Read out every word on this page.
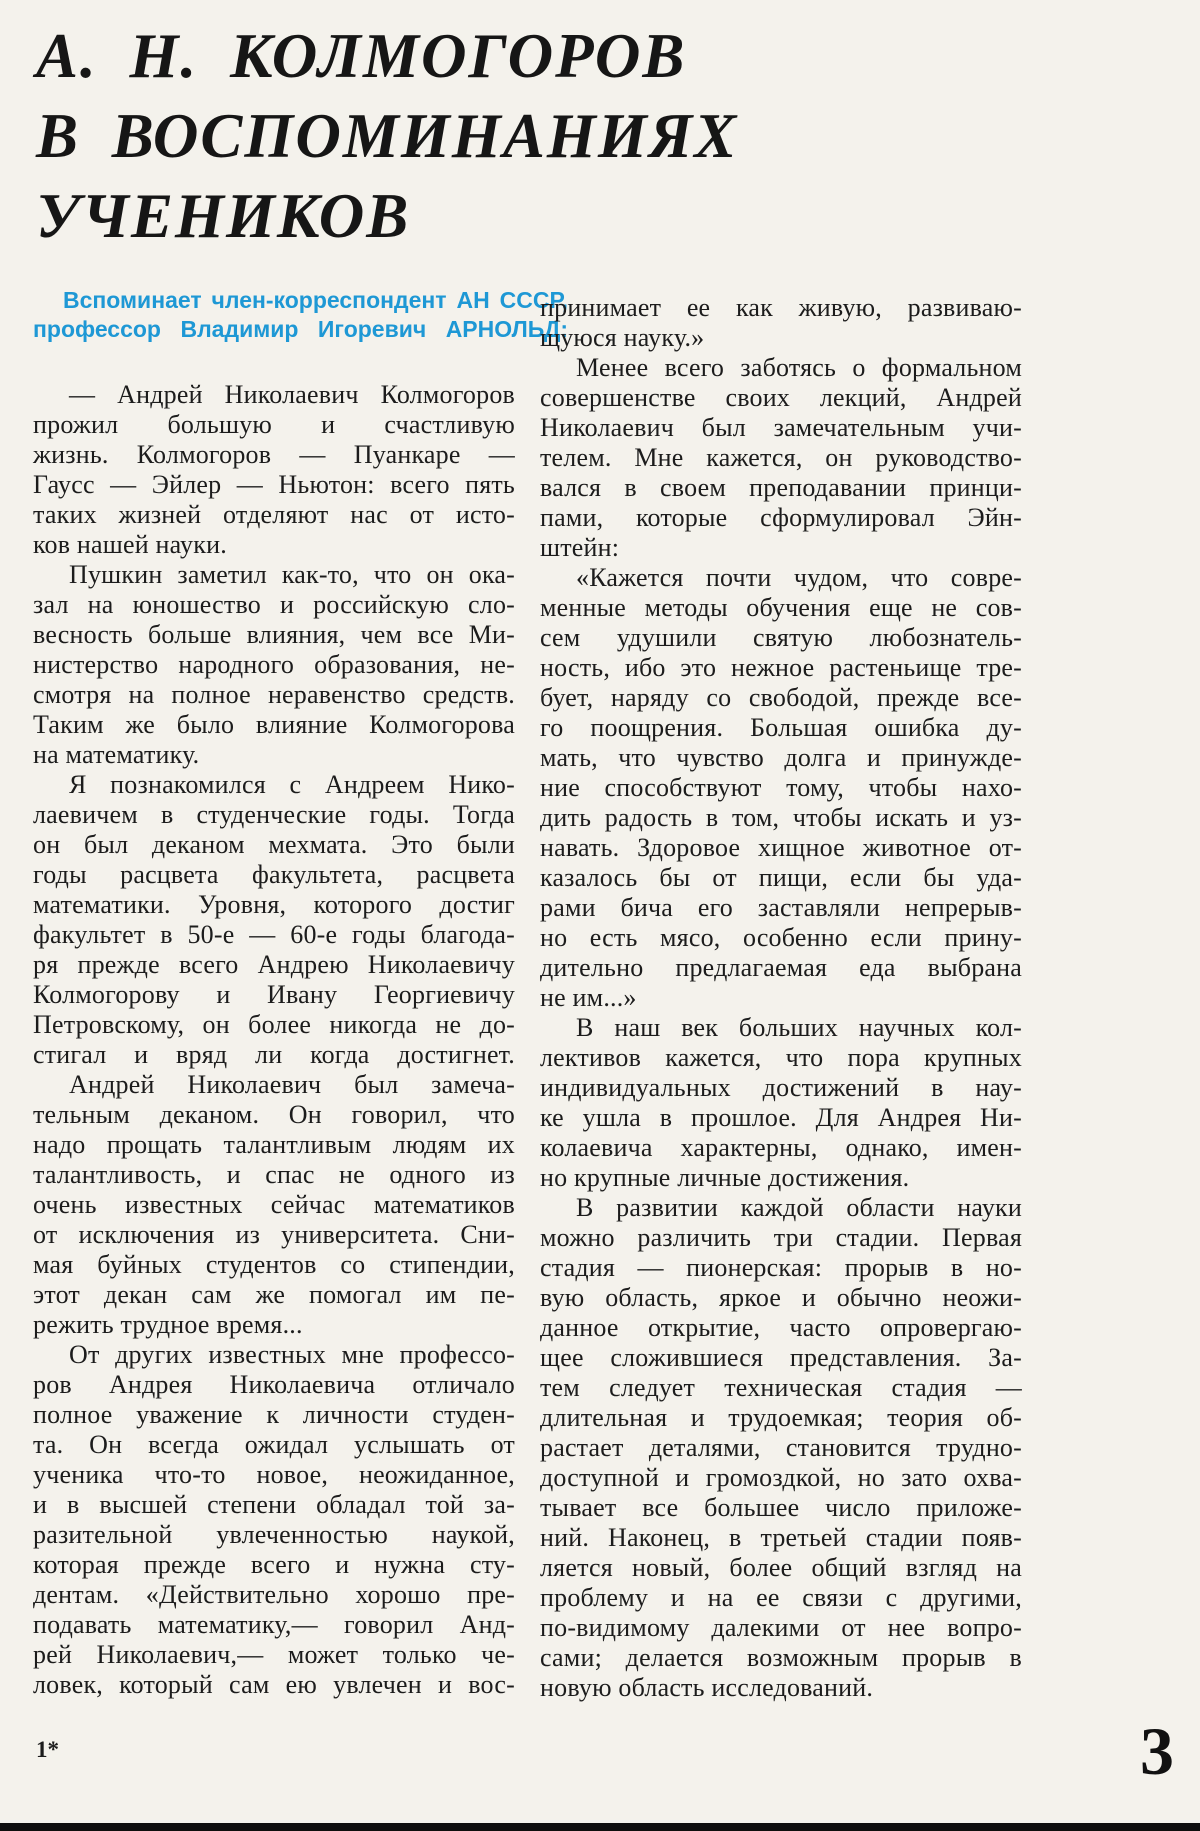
А. Н. КОЛМОГОРОВ
В ВОСПОМИНАНИЯХ
УЧЕНИКОВ
Вспоминает член-корреспондент АН СССР,
профессор Владимир Игоревич АРНОЛЬД:
— Андрей Николаевич Колмогоров
прожил большую и счастливую
жизнь. Колмогоров — Пуанкаре —
Гаусс — Эйлер — Ньютон: всего пять
таких жизней отделяют нас от исто-
ков нашей науки.
Пушкин заметил как-то, что он ока-
зал на юношество и российскую сло-
весность больше влияния, чем все Ми-
нистерство народного образования, не-
смотря на полное неравенство средств.
Таким же было влияние Колмогорова
на математику.
Я познакомился с Андреем Нико-
лаевичем в студенческие годы. Тогда
он был деканом мехмата. Это были
годы расцвета факультета, расцвета
математики. Уровня, которого достиг
факультет в 50-е — 60-е годы благода-
ря прежде всего Андрею Николаевичу
Колмогорову и Ивану Георгиевичу
Петровскому, он более никогда не до-
стигал и вряд ли когда достигнет.
Андрей Николаевич был замеча-
тельным деканом. Он говорил, что
надо прощать талантливым людям их
талантливость, и спас не одного из
очень известных сейчас математиков
от исключения из университета. Сни-
мая буйных студентов со стипендии,
этот декан сам же помогал им пе-
режить трудное время...
От других известных мне профессо-
ров Андрея Николаевича отличало
полное уважение к личности студен-
та. Он всегда ожидал услышать от
ученика что-то новое, неожиданное,
и в высшей степени обладал той за-
разительной увлеченностью наукой,
которая прежде всего и нужна сту-
дентам. «Действительно хорошо пре-
подавать математику,— говорил Анд-
рей Николаевич,— может только че-
ловек, который сам ею увлечен и вос-
принимает ее как живую, развиваю-
щуюся науку.»
Менее всего заботясь о формальном
совершенстве своих лекций, Андрей
Николаевич был замечательным учи-
телем. Мне кажется, он руководство-
вался в своем преподавании принци-
пами, которые сформулировал Эйн-
штейн:
«Кажется почти чудом, что совре-
менные методы обучения еще не сов-
сем удушили святую любознатель-
ность, ибо это нежное растеньище тре-
бует, наряду со свободой, прежде все-
го поощрения. Большая ошибка ду-
мать, что чувство долга и принужде-
ние способствуют тому, чтобы нахо-
дить радость в том, чтобы искать и уз-
навать. Здоровое хищное животное от-
казалось бы от пищи, если бы уда-
рами бича его заставляли непрерыв-
но есть мясо, особенно если прину-
дительно предлагаемая еда выбрана
не им...»
В наш век больших научных кол-
лективов кажется, что пора крупных
индивидуальных достижений в нау-
ке ушла в прошлое. Для Андрея Ни-
колаевича характерны, однако, имен-
но крупные личные достижения.
В развитии каждой области науки
можно различить три стадии. Первая
стадия — пионерская: прорыв в но-
вую область, яркое и обычно неожи-
данное открытие, часто опровергаю-
щее сложившиеся представления. За-
тем следует техническая стадия —
длительная и трудоемкая; теория об-
растает деталями, становится трудно-
доступной и громоздкой, но зато охва-
тывает все большее число приложе-
ний. Наконец, в третьей стадии появ-
ляется новый, более общий взгляд на
проблему и на ее связи с другими,
по-видимому далекими от нее вопро-
сами; делается возможным прорыв в
новую область исследований.
1*	3
